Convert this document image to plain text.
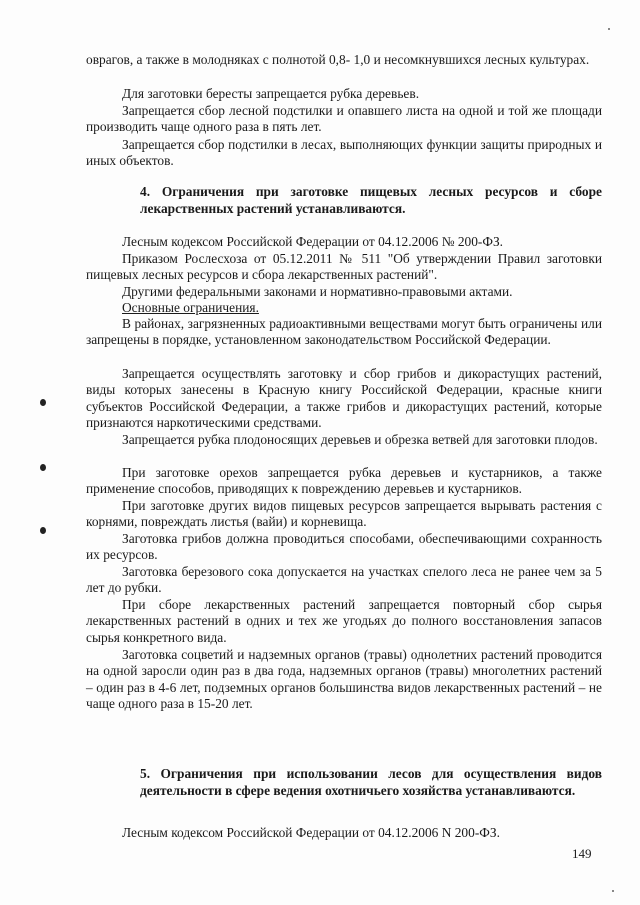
оврагов, а также в молодняках с полнотой 0,8- 1,0 и несомкнувшихся лесных культурах.

Для заготовки бересты запрещается рубка деревьев.

Запрещается сбор лесной подстилки и опавшего листа на одной и той же площади производить чаще одного раза в пять лет.

Запрещается сбор подстилки в лесах, выполняющих функции защиты природных и иных объектов.

4. Ограничения при заготовке пищевых лесных ресурсов и сборе лекарственных растений устанавливаются.

Лесным кодексом Российской Федерации от 04.12.2006 № 200-ФЗ.

Приказом Рослесхоза от 05.12.2011 № 511 "Об утверждении Правил заготовки пищевых лесных ресурсов и сбора лекарственных растений".

Другими федеральными законами и нормативно-правовыми актами.

Основные ограничения.

В районах, загрязненных радиоактивными веществами могут быть ограничены или запрещены в порядке, установленном законодательством Российской Федерации.

Запрещается осуществлять заготовку и сбор грибов и дикорастущих растений, виды которых занесены в Красную книгу Российской Федерации, красные книги субъектов Российской Федерации, а также грибов и дикорастущих растений, которые признаются наркотическими средствами.

Запрещается рубка плодоносящих деревьев и обрезка ветвей для заготовки плодов.

При заготовке орехов запрещается рубка деревьев и кустарников, а также применение способов, приводящих к повреждению деревьев и кустарников.

При заготовке других видов пищевых ресурсов запрещается вырывать растения с корнями, повреждать листья (вайи) и корневища.

Заготовка грибов должна проводиться способами, обеспечивающими сохранность их ресурсов.

Заготовка березового сока допускается на участках спелого леса не ранее чем за 5 лет до рубки.

При сборе лекарственных растений запрещается повторный сбор сырья лекарственных растений в одних и тех же угодьях до полного восстановления запасов сырья конкретного вида.

Заготовка соцветий и надземных органов (травы) однолетних растений проводится на одной заросли один раз в два года, надземных органов (травы) многолетних растений – один раз в 4-6 лет, подземных органов большинства видов лекарственных растений – не чаще одного раза в 15-20 лет.

5. Ограничения при использовании лесов для осуществления видов деятельности в сфере ведения охотничьего хозяйства устанавливаются.

Лесным кодексом Российской Федерации от 04.12.2006 N 200-ФЗ.

149
